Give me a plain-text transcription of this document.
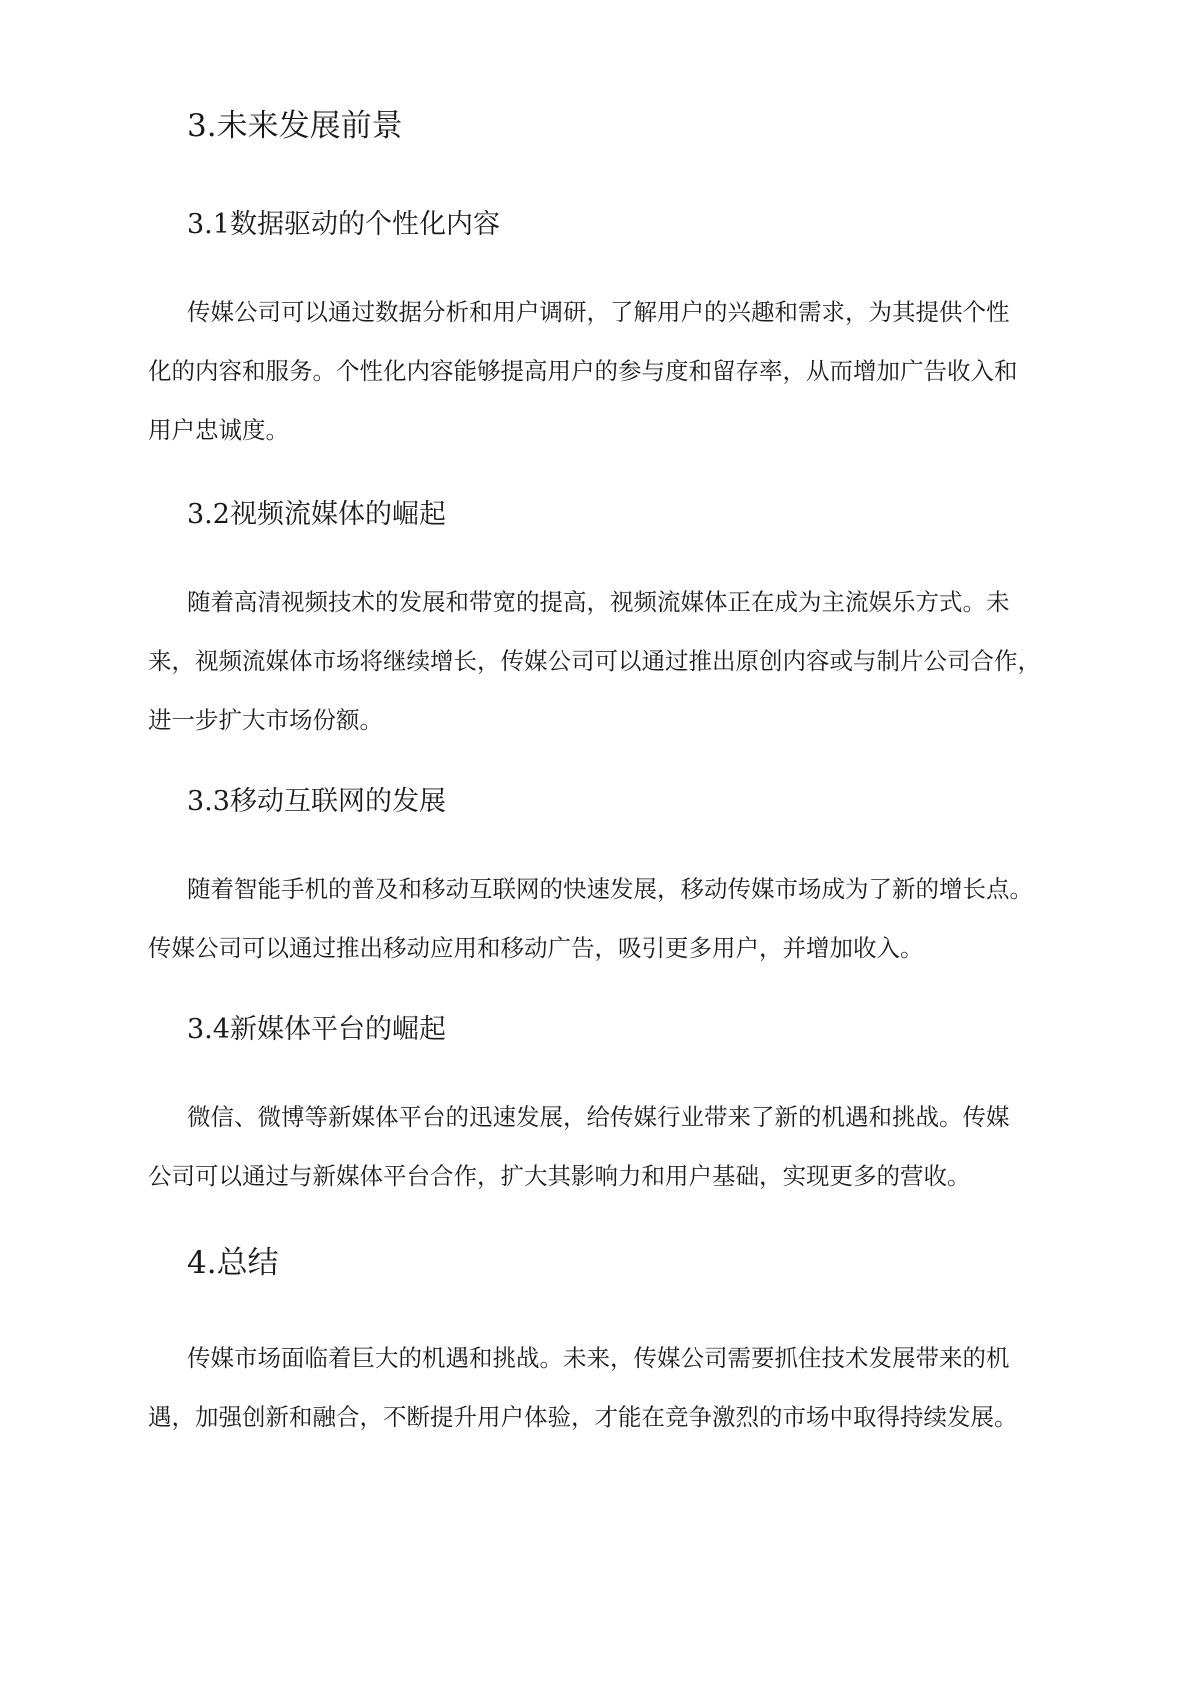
3.未来发展前景
3.1数据驱动的个性化内容
传媒公司可以通过数据分析和用户调研，了解用户的兴趣和需求，为其提供个性
化的内容和服务。个性化内容能够提高用户的参与度和留存率，从而增加广告收入和
用户忠诚度。
3.2视频流媒体的崛起
随着高清视频技术的发展和带宽的提高，视频流媒体正在成为主流娱乐方式。未
来，视频流媒体市场将继续增长，传媒公司可以通过推出原创内容或与制片公司合作，
进一步扩大市场份额。
3.3移动互联网的发展
随着智能手机的普及和移动互联网的快速发展，移动传媒市场成为了新的增长点。
传媒公司可以通过推出移动应用和移动广告，吸引更多用户，并增加收入。
3.4新媒体平台的崛起
微信、微博等新媒体平台的迅速发展，给传媒行业带来了新的机遇和挑战。传媒
公司可以通过与新媒体平台合作，扩大其影响力和用户基础，实现更多的营收。
4.总结
传媒市场面临着巨大的机遇和挑战。未来，传媒公司需要抓住技术发展带来的机
遇，加强创新和融合，不断提升用户体验，才能在竞争激烈的市场中取得持续发展。
